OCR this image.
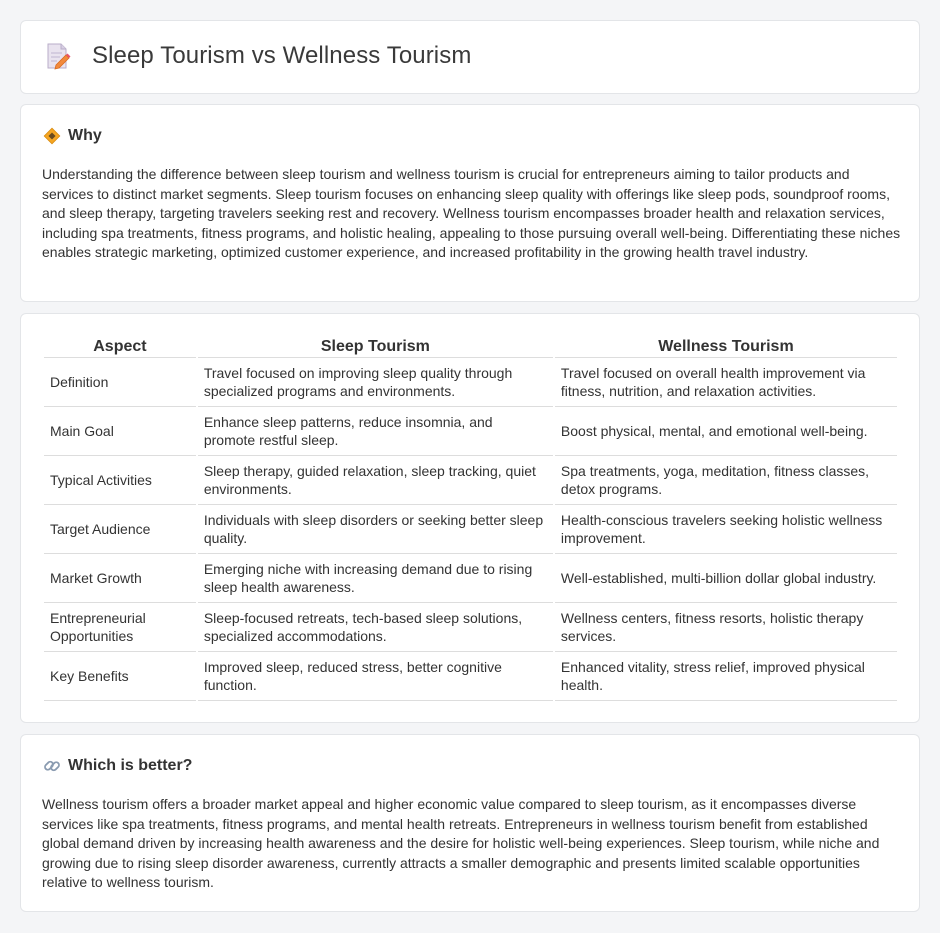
Sleep Tourism vs Wellness Tourism
Why

Understanding the difference between sleep tourism and wellness tourism is crucial for entrepreneurs aiming to tailor products and services to distinct market segments. Sleep tourism focuses on enhancing sleep quality with offerings like sleep pods, soundproof rooms, and sleep therapy, targeting travelers seeking rest and recovery. Wellness tourism encompasses broader health and relaxation services, including spa treatments, fitness programs, and holistic healing, appealing to those pursuing overall well-being. Differentiating these niches enables strategic marketing, optimized customer experience, and increased profitability in the growing health travel industry.

Aspect	Sleep Tourism	Wellness Tourism
Definition	Travel focused on improving sleep quality through specialized programs and environments.	Travel focused on overall health improvement via fitness, nutrition, and relaxation activities.
Main Goal	Enhance sleep patterns, reduce insomnia, and promote restful sleep.	Boost physical, mental, and emotional well-being.
Typical Activities	Sleep therapy, guided relaxation, sleep tracking, quiet environments.	Spa treatments, yoga, meditation, fitness classes, detox programs.
Target Audience	Individuals with sleep disorders or seeking better sleep quality.	Health-conscious travelers seeking holistic wellness improvement.
Market Growth	Emerging niche with increasing demand due to rising sleep health awareness.	Well-established, multi-billion dollar global industry.
Entrepreneurial Opportunities	Sleep-focused retreats, tech-based sleep solutions, specialized accommodations.	Wellness centers, fitness resorts, holistic therapy services.
Key Benefits	Improved sleep, reduced stress, better cognitive function.	Enhanced vitality, stress relief, improved physical health.
Which is better?

Wellness tourism offers a broader market appeal and higher economic value compared to sleep tourism, as it encompasses diverse services like spa treatments, fitness programs, and mental health retreats. Entrepreneurs in wellness tourism benefit from established global demand driven by increasing health awareness and the desire for holistic well-being experiences. Sleep tourism, while niche and growing due to rising sleep disorder awareness, currently attracts a smaller demographic and presents limited scalable opportunities relative to wellness tourism.
